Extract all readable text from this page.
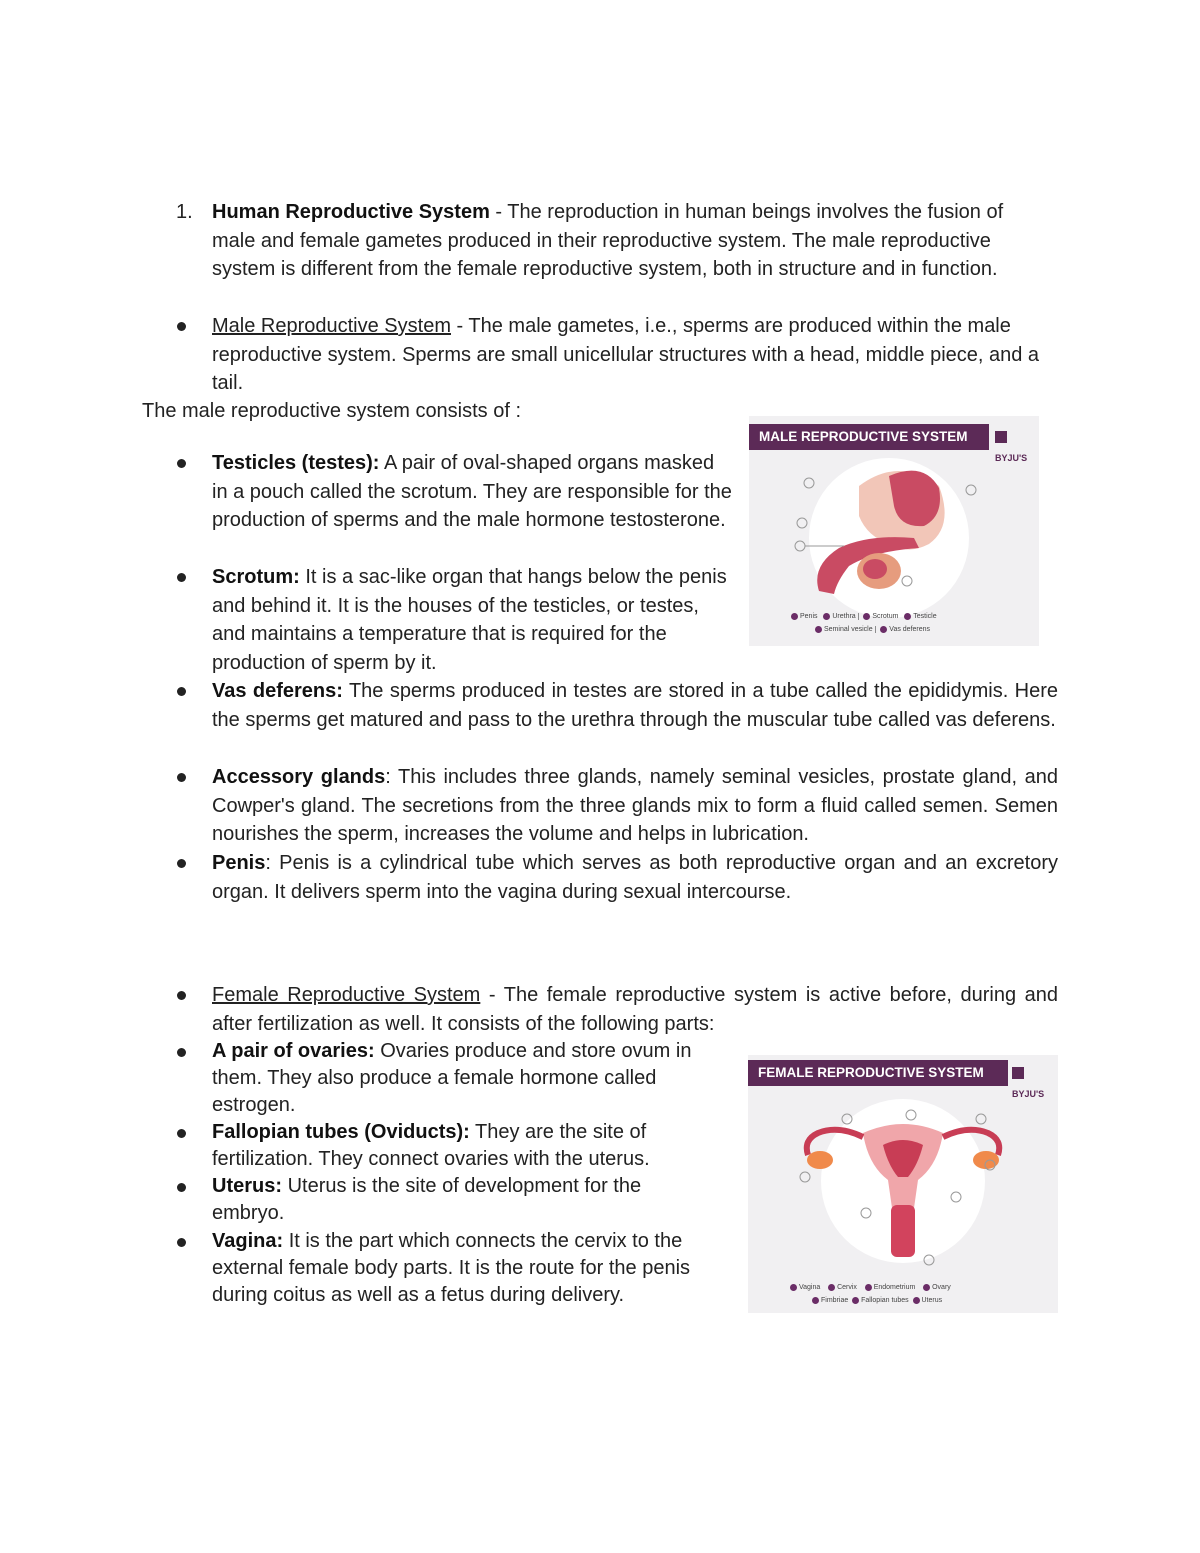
1. Human Reproductive System - The reproduction in human beings involves the fusion of male and female gametes produced in their reproductive system. The male reproductive system is different from the female reproductive system, both in structure and in function.

Male Reproductive System - The male gametes, i.e., sperms are produced within the male reproductive system. Sperms are small unicellular structures with a head, middle piece, and a tail.

The male reproductive system consists of :

Testicles (testes): A pair of oval-shaped organs masked in a pouch called the scrotum. They are responsible for the production of sperms and the male hormone testosterone.

Scrotum: It is a sac-like organ that hangs below the penis and behind it. It is the houses of the testicles, or testes, and maintains a temperature that is required for the production of sperm by it.

Vas deferens: The sperms produced in testes are stored in a tube called the epididymis. Here the sperms get matured and pass to the urethra through the muscular tube called vas deferens.

Accessory glands: This includes three glands, namely seminal vesicles, prostate gland, and Cowper's gland. The secretions from the three glands mix to form a fluid called semen. Semen nourishes the sperm, increases the volume and helps in lubrication.

Penis: Penis is a cylindrical tube which serves as both reproductive organ and an excretory organ. It delivers sperm into the vagina during sexual intercourse.

MALE REPRODUCTIVE SYSTEM
BYJU'S
Penis Urethra |  Scrotum Testicle
Seminal vesicle |  Vas deferens

Female Reproductive System - The female reproductive system is active before, during and after fertilization as well. It consists of the following parts:

A pair of ovaries: Ovaries produce and store ovum in them. They also produce a female hormone called estrogen.

Fallopian tubes (Oviducts): They are the site of fertilization. They connect ovaries with the uterus.

Uterus: Uterus is the site of development for the embryo.

Vagina: It is the part which connects the cervix to the external female body parts. It is the route for the penis during coitus as well as a fetus during delivery.

FEMALE REPRODUCTIVE SYSTEM
BYJU'S
Vagina Cervix Endometrium Ovary
Fimbriae Fallopian tubes Uterus
